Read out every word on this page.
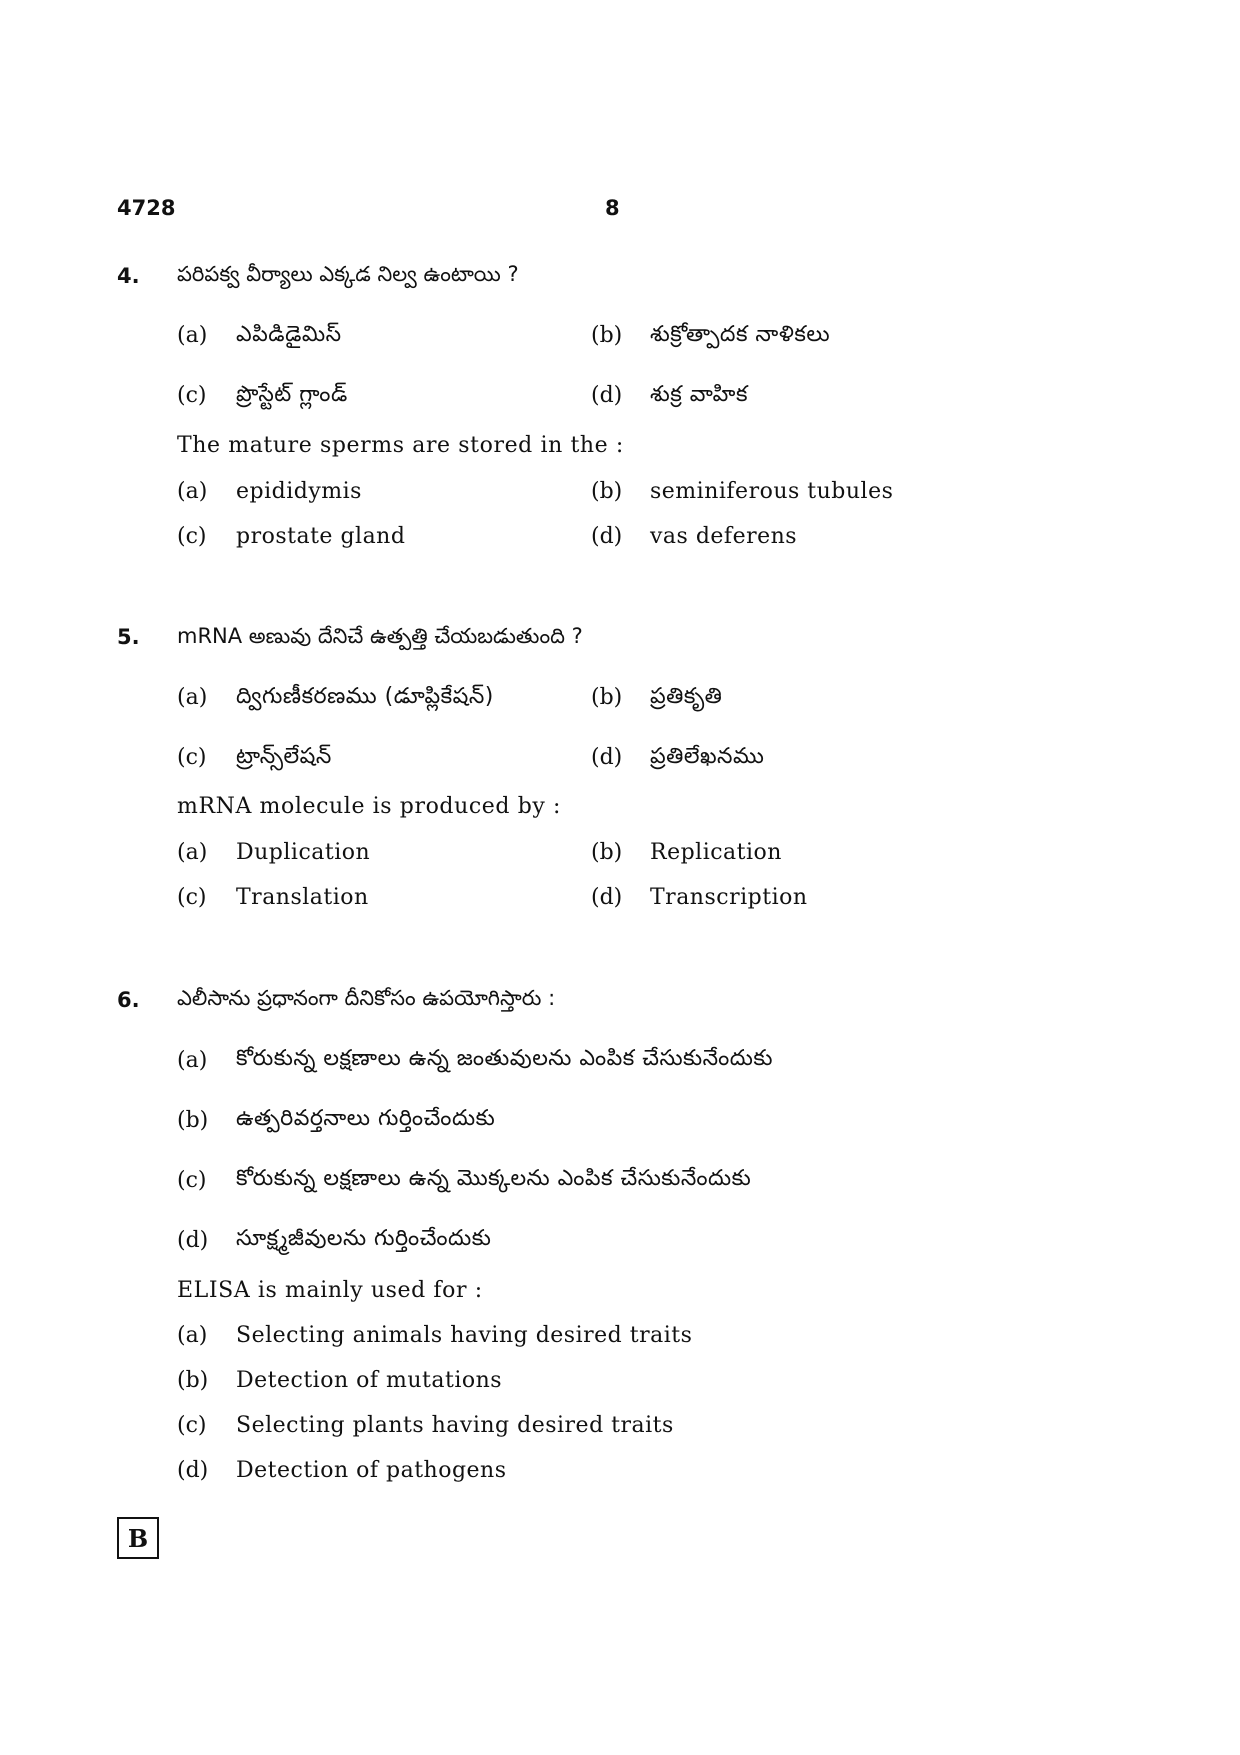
4728	8
4. పరిపక్వ వీర్యాలు ఎక్కడ నిల్వ ఉంటాయి ?
(a) ఎపిడిడైమిస్	(b) శుక్రోత్పాదక నాళికలు
(c) ప్రొస్టేట్ గ్లాండ్	(d) శుక్ర వాహిక
The mature sperms are stored in the :
(a) epididymis	(b) seminiferous tubules
(c) prostate gland	(d) vas deferens
5. mRNA అణువు దేనిచే ఉత్పత్తి చేయబడుతుంది ?
(a) ద్విగుణీకరణము (డూప్లికేషన్)	(b) ప్రతికృతి
(c) ట్రాన్స్‌లేషన్	(d) ప్రతిలేఖనము
mRNA molecule is produced by :
(a) Duplication	(b) Replication
(c) Translation	(d) Transcription
6. ఎలీసాను ప్రధానంగా దీనికోసం ఉపయోగిస్తారు :
(a) కోరుకున్న లక్షణాలు ఉన్న జంతువులను ఎంపిక చేసుకునేందుకు
(b) ఉత్పరివర్తనాలు గుర్తించేందుకు
(c) కోరుకున్న లక్షణాలు ఉన్న మొక్కలను ఎంపిక చేసుకునేందుకు
(d) సూక్ష్మజీవులను గుర్తించేందుకు
ELISA is mainly used for :
(a) Selecting animals having desired traits
(b) Detection of mutations
(c) Selecting plants having desired traits
(d) Detection of pathogens
B
